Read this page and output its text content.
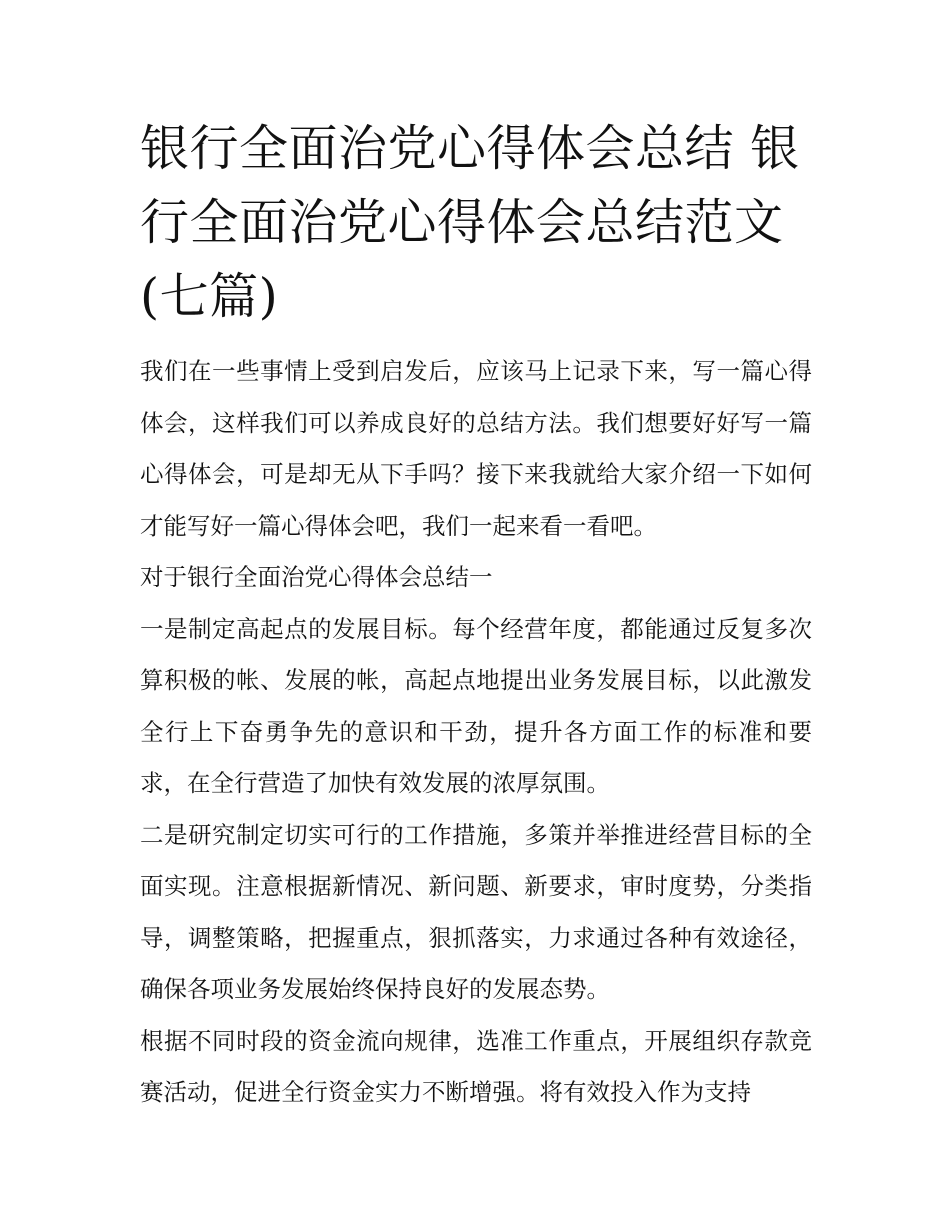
银行全面治党心得体会总结 银行全面治党心得体会总结范文(七篇)

我们在一些事情上受到启发后，应该马上记录下来，写一篇心得体会，这样我们可以养成良好的总结方法。我们想要好好写一篇心得体会，可是却无从下手吗？接下来我就给大家介绍一下如何才能写好一篇心得体会吧，我们一起来看一看吧。

对于银行全面治党心得体会总结一

一是制定高起点的发展目标。每个经营年度，都能通过反复多次算积极的帐、发展的帐，高起点地提出业务发展目标，以此激发全行上下奋勇争先的意识和干劲，提升各方面工作的标准和要求，在全行营造了加快有效发展的浓厚氛围。

二是研究制定切实可行的工作措施，多策并举推进经营目标的全面实现。注意根据新情况、新问题、新要求，审时度势，分类指导，调整策略，把握重点，狠抓落实，力求通过各种有效途径，确保各项业务发展始终保持良好的发展态势。

根据不同时段的资金流向规律，选准工作重点，开展组织存款竞赛活动，促进全行资金实力不断增强。将有效投入作为支持
